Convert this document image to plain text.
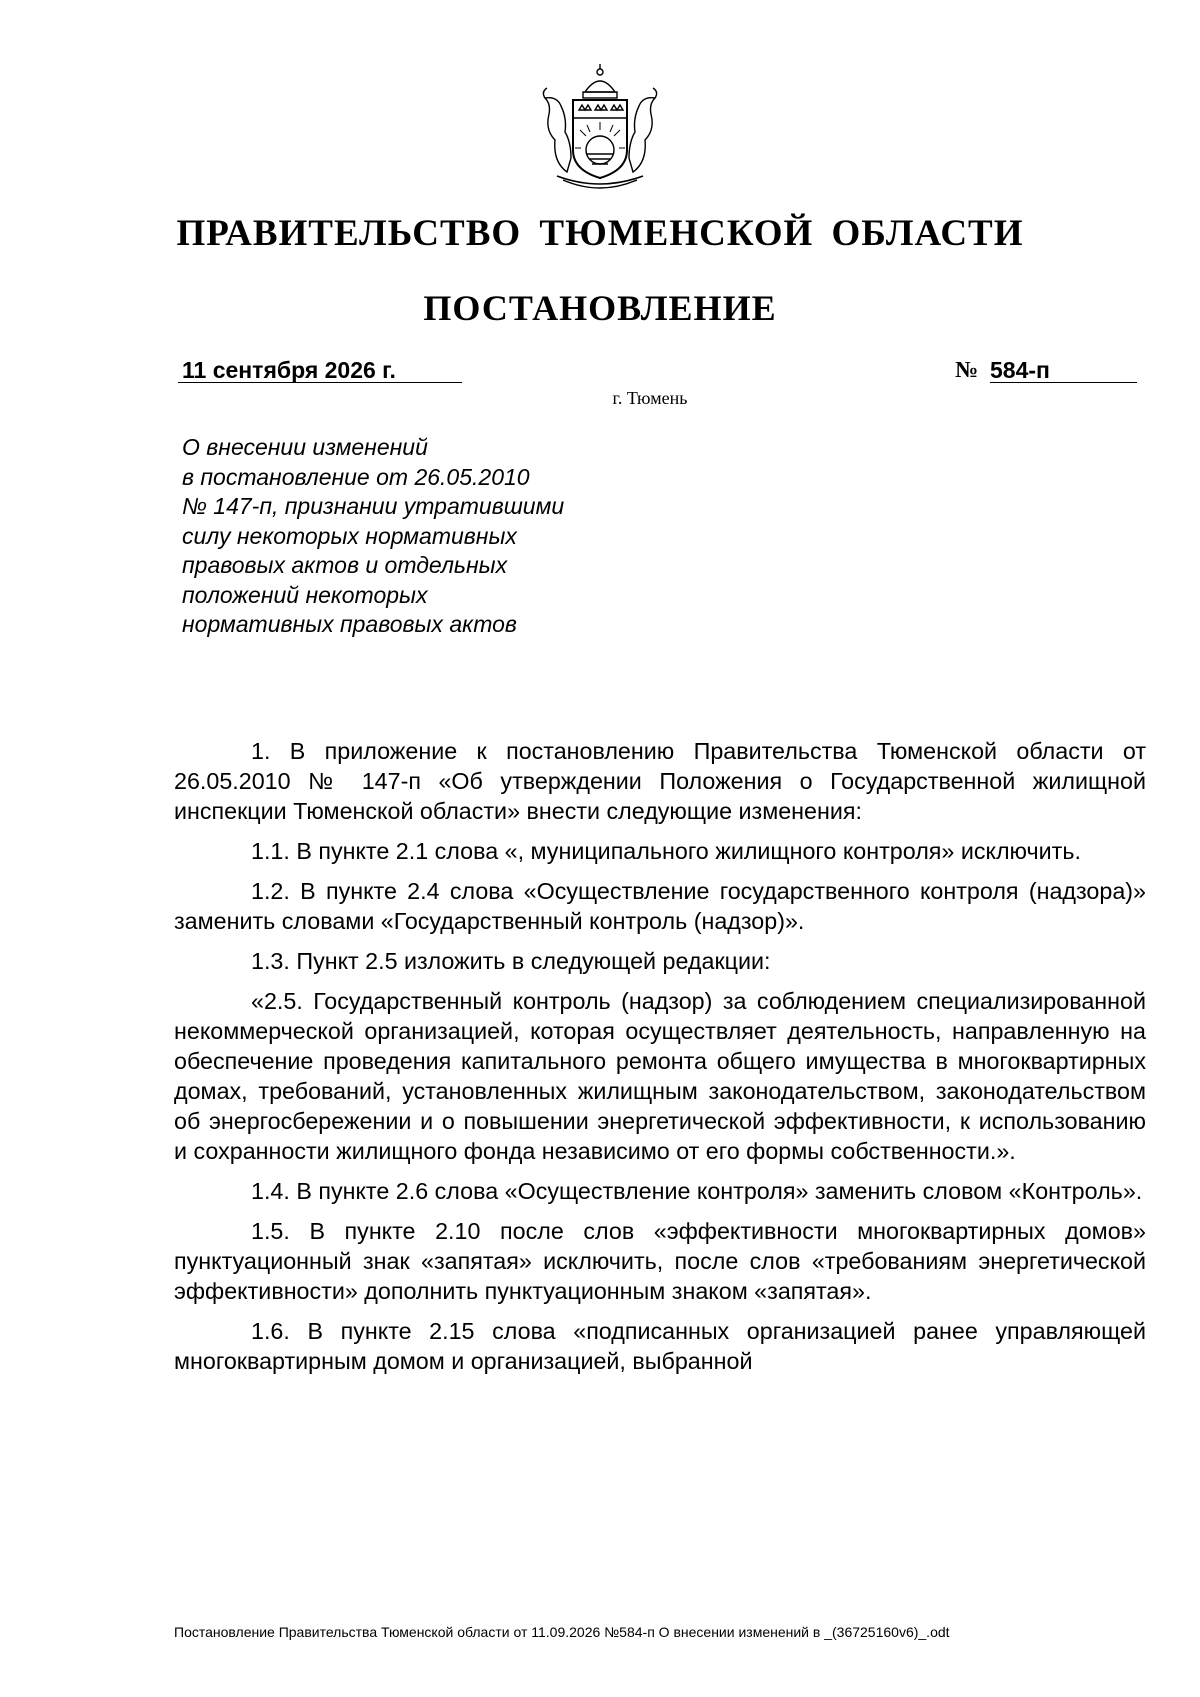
ПРАВИТЕЛЬСТВО ТЮМЕНСКОЙ ОБЛАСТИ
ПОСТАНОВЛЕНИЕ
11 сентября 2026 г.	№ 584-п
г. Тюмень
О внесении изменений
в постановление от 26.05.2010
№ 147-п, признании утратившими
силу некоторых нормативных
правовых актов и отдельных
положений некоторых
нормативных правовых актов

1. В приложение к постановлению Правительства Тюменской области от 26.05.2010 № 147-п «Об утверждении Положения о Государственной жилищной инспекции Тюменской области» внести следующие изменения:

1.1. В пункте 2.1 слова «, муниципального жилищного контроля» исключить.

1.2. В пункте 2.4 слова «Осуществление государственного контроля (надзора)» заменить словами «Государственный контроль (надзор)».

1.3. Пункт 2.5 изложить в следующей редакции:

«2.5. Государственный контроль (надзор) за соблюдением специализированной некоммерческой организацией, которая осуществляет деятельность, направленную на обеспечение проведения капитального ремонта общего имущества в многоквартирных домах, требований, установленных жилищным законодательством, законодательством об энергосбережении и о повышении энергетической эффективности, к использованию и сохранности жилищного фонда независимо от его формы собственности.».

1.4. В пункте 2.6 слова «Осуществление контроля» заменить словом «Контроль».

1.5. В пункте 2.10 после слов «эффективности многоквартирных домов» пунктуационный знак «запятая» исключить, после слов «требованиям энергетической эффективности» дополнить пунктуационным знаком «запятая».

1.6. В пункте 2.15 слова «подписанных организацией ранее управляющей многоквартирным домом и организацией, выбранной

Постановление Правительства Тюменской области от 11.09.2026 №584-п О внесении изменений в _(36725160v6)_.odt
